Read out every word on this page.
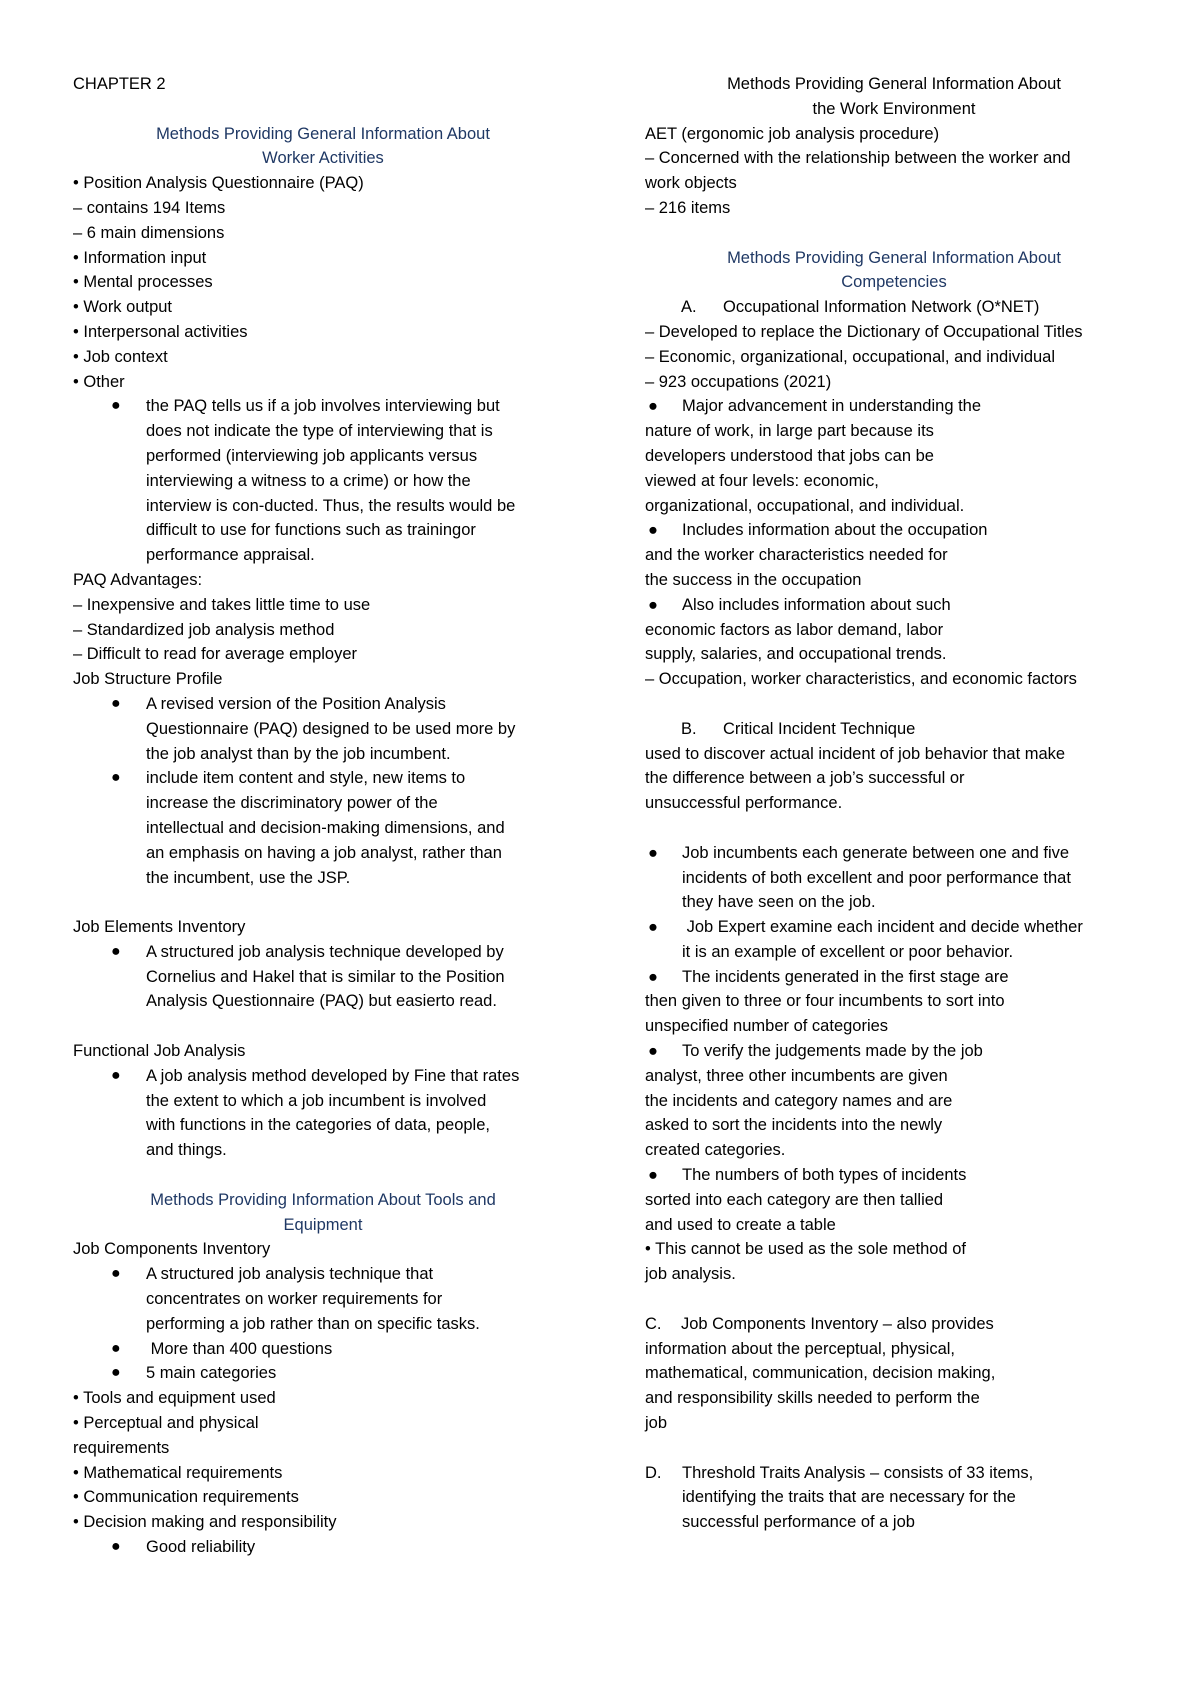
CHAPTER 2
Methods Providing General Information About
Worker Activities
• Position Analysis Questionnaire (PAQ)
– contains 194 Items
– 6 main dimensions
• Information input
• Mental processes
• Work output
• Interpersonal activities
• Job context
• Other
● the PAQ tells us if a job involves interviewing but
does not indicate the type of interviewing that is
performed (interviewing job applicants versus
interviewing a witness to a crime) or how the
interview is con-ducted. Thus, the results would be
difficult to use for functions such as trainingor
performance appraisal.
PAQ Advantages:
– Inexpensive and takes little time to use
– Standardized job analysis method
– Difficult to read for average employer
Job Structure Profile
● A revised version of the Position Analysis
Questionnaire (PAQ) designed to be used more by
the job analyst than by the job incumbent.
● include item content and style, new items to
increase the discriminatory power of the
intellectual and decision-making dimensions, and
an emphasis on having a job analyst, rather than
the incumbent, use the JSP.
Job Elements Inventory
● A structured job analysis technique developed by
Cornelius and Hakel that is similar to the Position
Analysis Questionnaire (PAQ) but easierto read.
Functional Job Analysis
● A job analysis method developed by Fine that rates
the extent to which a job incumbent is involved
with functions in the categories of data, people,
and things.
Methods Providing Information About Tools and
Equipment
Job Components Inventory
● A structured job analysis technique that
concentrates on worker requirements for
performing a job rather than on specific tasks.
● More than 400 questions
● 5 main categories
• Tools and equipment used
• Perceptual and physical
requirements
• Mathematical requirements
• Communication requirements
• Decision making and responsibility
● Good reliability
Methods Providing General Information About
the Work Environment
AET (ergonomic job analysis procedure)
– Concerned with the relationship between the worker and
work objects
– 216 items
Methods Providing General Information About
Competencies
A. Occupational Information Network (O*NET)
– Developed to replace the Dictionary of Occupational Titles
– Economic, organizational, occupational, and individual
– 923 occupations (2021)
● Major advancement in understanding the
nature of work, in large part because its
developers understood that jobs can be
viewed at four levels: economic,
organizational, occupational, and individual.
● Includes information about the occupation
and the worker characteristics needed for
the success in the occupation
● Also includes information about such
economic factors as labor demand, labor
supply, salaries, and occupational trends.
– Occupation, worker characteristics, and economic factors
B. Critical Incident Technique
used to discover actual incident of job behavior that make
the difference between a job’s successful or
unsuccessful performance.
● Job incumbents each generate between one and five
incidents of both excellent and poor performance that
they have seen on the job.
● Job Expert examine each incident and decide whether
it is an example of excellent or poor behavior.
● The incidents generated in the first stage are
then given to three or four incumbents to sort into
unspecified number of categories
● To verify the judgements made by the job
analyst, three other incumbents are given
the incidents and category names and are
asked to sort the incidents into the newly
created categories.
● The numbers of both types of incidents
sorted into each category are then tallied
and used to create a table
• This cannot be used as the sole method of
job analysis.
C. Job Components Inventory – also provides
information about the perceptual, physical,
mathematical, communication, decision making,
and responsibility skills needed to perform the
job
D. Threshold Traits Analysis – consists of 33 items,
identifying the traits that are necessary for the
successful performance of a job
